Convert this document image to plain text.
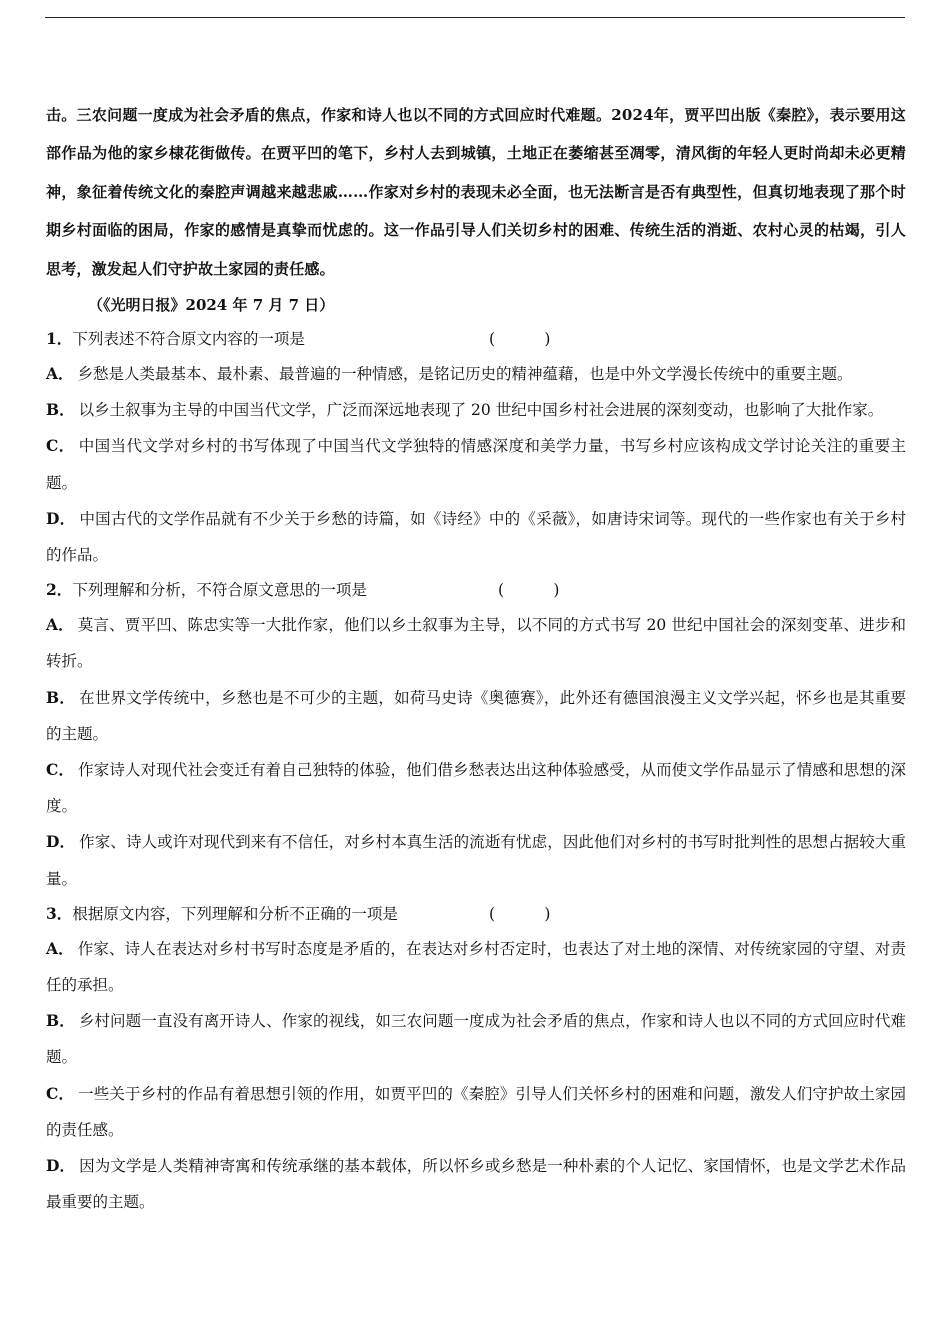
击。三农问题一度成为社会矛盾的焦点，作家和诗人也以不同的方式回应时代难题。2024年，贾平凹出版《秦腔》，表示要用这部作品为他的家乡棣花街做传。在贾平凹的笔下，乡村人去到城镇，土地正在萎缩甚至凋零，清风街的年轻人更时尚却未必更精神，象征着传统文化的秦腔声调越来越悲戚……作家对乡村的表现未必全面，也无法断言是否有典型性，但真切地表现了那个时期乡村面临的困局，作家的感情是真挚而忧虑的。这一作品引导人们关切乡村的困难、传统生活的消逝、农村心灵的枯竭，引人思考，激发起人们守护故土家园的责任感。

（《光明日报》2024 年 7 月 7 日）

1．下列表述不符合原文内容的一项是	(          )
A． 乡愁是人类最基本、最朴素、最普遍的一种情感，是铭记历史的精神蕴藉，也是中外文学漫长传统中的重要主题。
B． 以乡土叙事为主导的中国当代文学，广泛而深远地表现了 20 世纪中国乡村社会进展的深刻变动，也影响了大批作家。
C． 中国当代文学对乡村的书写体现了中国当代文学独特的情感深度和美学力量，书写乡村应该构成文学讨论关注的重要主题。
D． 中国古代的文学作品就有不少关于乡愁的诗篇，如《诗经》中的《采薇》，如唐诗宋词等。现代的一些作家也有关于乡村的作品。
2．下列理解和分析，不符合原文意思的一项是	(          )
A． 莫言、贾平凹、陈忠实等一大批作家，他们以乡土叙事为主导，以不同的方式书写 20 世纪中国社会的深刻变革、进步和转折。
B． 在世界文学传统中，乡愁也是不可少的主题，如荷马史诗《奥德赛》，此外还有德国浪漫主义文学兴起，怀乡也是其重要的主题。
C． 作家诗人对现代社会变迁有着自己独特的体验，他们借乡愁表达出这种体验感受，从而使文学作品显示了情感和思想的深度。
D． 作家、诗人或许对现代到来有不信任，对乡村本真生活的流逝有忧虑，因此他们对乡村的书写时批判性的思想占据较大重量。
3．根据原文内容，下列理解和分析不正确的一项是	(          )
A． 作家、诗人在表达对乡村书写时态度是矛盾的，在表达对乡村否定时，也表达了对土地的深情、对传统家园的守望、对责任的承担。
B． 乡村问题一直没有离开诗人、作家的视线，如三农问题一度成为社会矛盾的焦点，作家和诗人也以不同的方式回应时代难题。
C． 一些关于乡村的作品有着思想引领的作用，如贾平凹的《秦腔》引导人们关怀乡村的困难和问题，激发人们守护故土家园的责任感。
D． 因为文学是人类精神寄寓和传统承继的基本载体，所以怀乡或乡愁是一种朴素的个人记忆、家国情怀，也是文学艺术作品最重要的主题。
